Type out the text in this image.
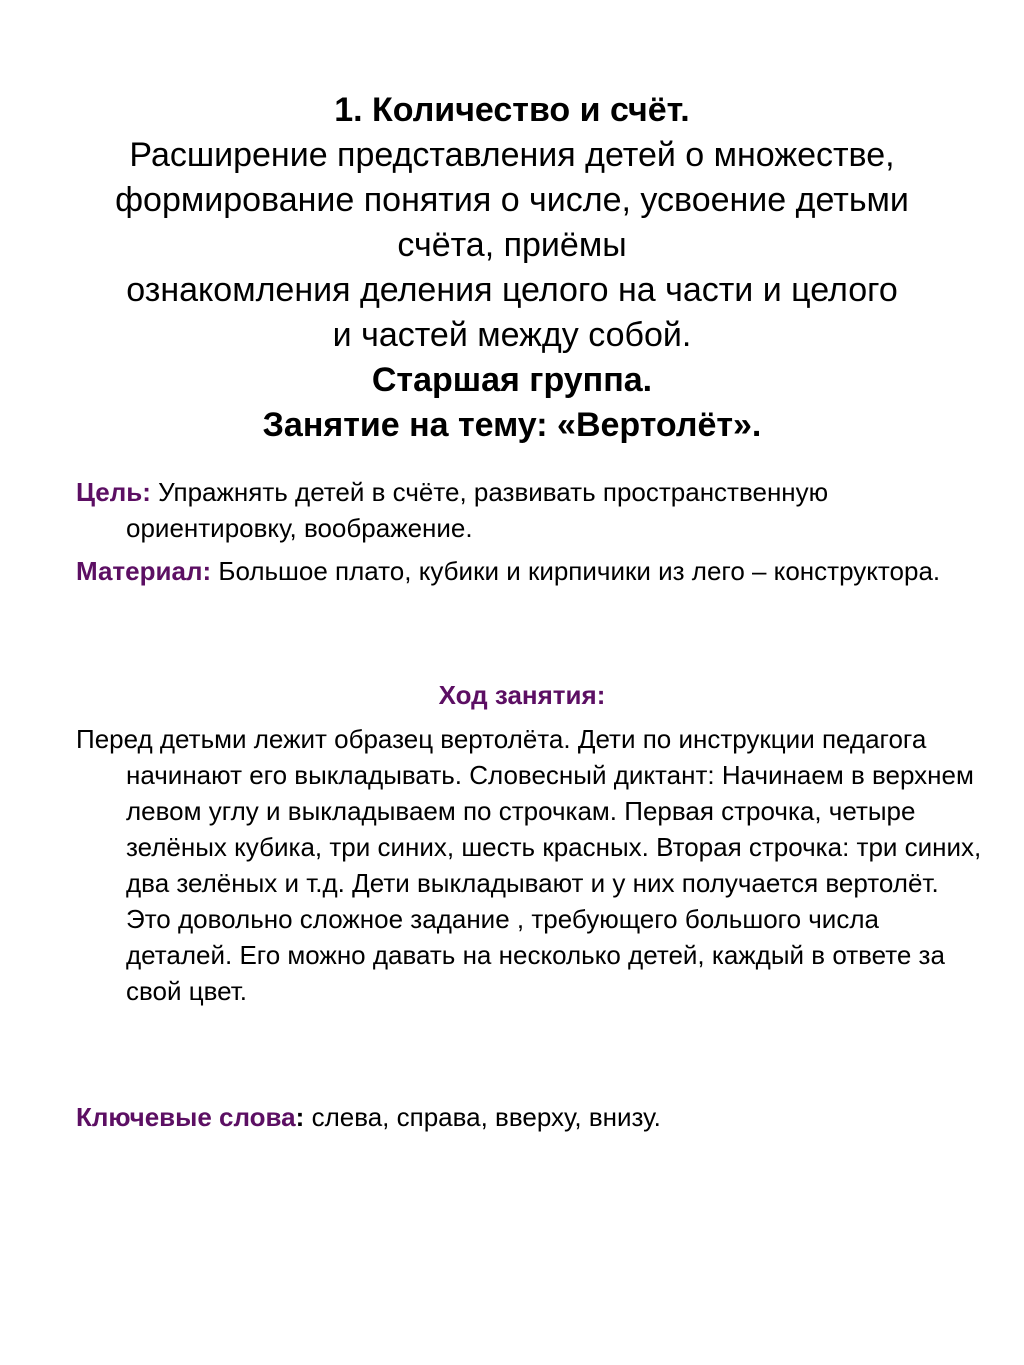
1. Количество и счёт.
Расширение представления детей о множестве,
формирование понятия о числе, усвоение детьми
счёта, приёмы
ознакомления деления целого на части и целого
и частей между собой.
Старшая группа.
Занятие на тему: «Вертолёт».
Цель: Упражнять детей в счёте, развивать пространственную ориентировку, воображение.
Материал: Большое плато, кубики и кирпичики из лего – конструктора.
Ход занятия:
Перед детьми лежит образец вертолёта. Дети по инструкции педагога начинают его выкладывать. Словесный диктант: Начинаем в верхнем левом углу и выкладываем по строчкам. Первая строчка, четыре зелёных кубика, три синих, шесть красных. Вторая строчка: три синих, два зелёных и т.д. Дети выкладывают и у них получается вертолёт. Это довольно сложное задание , требующего большого числа деталей. Его можно давать на несколько детей, каждый в ответе за свой цвет.
Ключевые слова: слева, справа, вверху, внизу.
